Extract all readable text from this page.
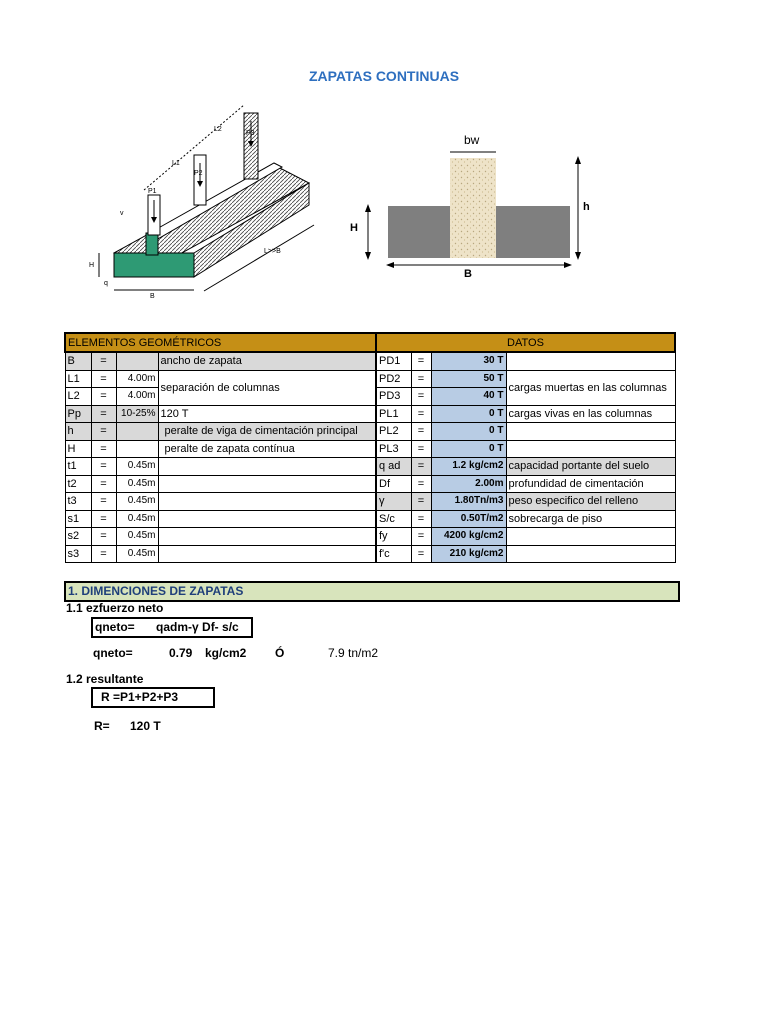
ZAPATAS CONTINUAS
P1
P2
P3
L1
L2
v
H
q
B
L>>B
bw
h
H
B
ELEMENTOS GEOMÉTRICOS				DATOS			
B	=		ancho de zapata	PD1	=	30 T	
L1	=	4.00m	separación de columnas	PD2	=	50 T	cargas muertas en las columnas
L2	=	4.00m		PD3	=	40 T	
Pp	=	10-25%	120 T	PL1	=	0 T	cargas vivas en las columnas
h	=		peralte de viga de cimentación principal	PL2	=	0 T	
H	=		peralte de zapata contínua	PL3	=	0 T	
t1	=	0.45m		q ad	=	1.2 kg/cm2	capacidad portante del suelo
t2	=	0.45m		Df	=	2.00m	profundidad de cimentación
t3	=	0.45m		γ	=	1.80Tn/m3	peso especifico del relleno
s1	=	0.45m		S/c	=	0.50T/m2	sobrecarga de piso
s2	=	0.45m		fy	=	4200 kg/cm2	
s3	=	0.45m		f'c	=	210 kg/cm2	
1. DIMENCIONES DE ZAPATAS
1.1 ezfuerzo neto
qneto= qadm-γ Df- s/c
qneto=	0.79 kg/cm2 Ó	7.9 tn/m2
1.2 resultante
R =P1+P2+P3
R= 120 T
